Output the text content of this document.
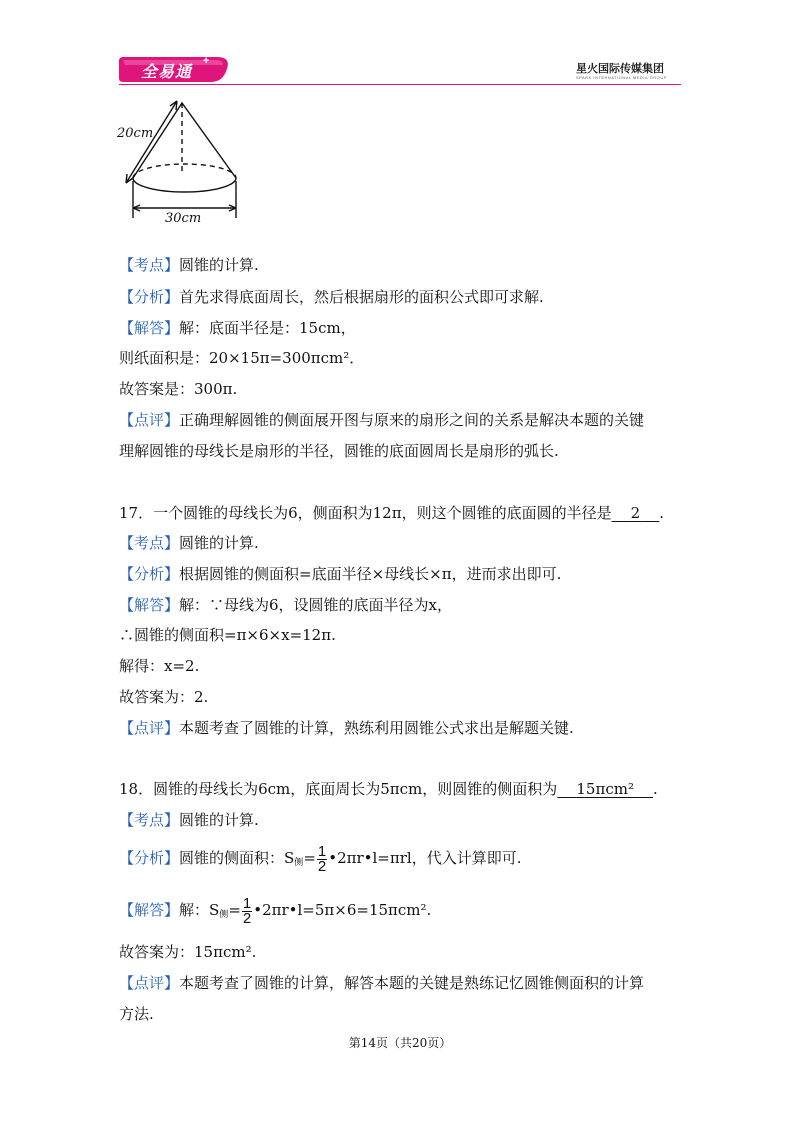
全易通
+
星火国际传媒集团
SPARK INTERNATIONAL MEDIA GROUP
20cm
30cm
【考点】圆锥的计算.
【分析】首先求得底面周长，然后根据扇形的面积公式即可求解.
【解答】解：底面半径是：15cm，
则纸面积是：20×15π=300πcm²．
故答案是：300π.
【点评】正确理解圆锥的侧面展开图与原来的扇形之间的关系是解决本题的关键
理解圆锥的母线长是扇形的半径，圆锥的底面圆周长是扇形的弧长.
17．一个圆锥的母线长为6，侧面积为12π，则这个圆锥的底面圆的半径是 2 .
【考点】圆锥的计算.
【分析】根据圆锥的侧面积=底面半径×母线长×π，进而求出即可.
【解答】解：∵母线为6，设圆锥的底面半径为x，
∴圆锥的侧面积=π×6×x=12π.
解得：x=2.
故答案为：2.
【点评】本题考查了圆锥的计算，熟练利用圆锥公式求出是解题关键.
18．圆锥的母线长为6cm，底面周长为5πcm，则圆锥的侧面积为 15πcm² .
【考点】圆锥的计算.
【分析】圆锥的侧面积：$S_侧= \frac{1}{2}$ •2πr•l=πrl，代入计算即可.
【解答】解：$S_侧= \frac{1}{2}$ •2πr•l=5π×6=15πcm².
故答案为：15πcm².
【点评】本题考查了圆锥的计算，解答本题的关键是熟练记忆圆锥侧面积的计算
方法.
第14页（共20页）
